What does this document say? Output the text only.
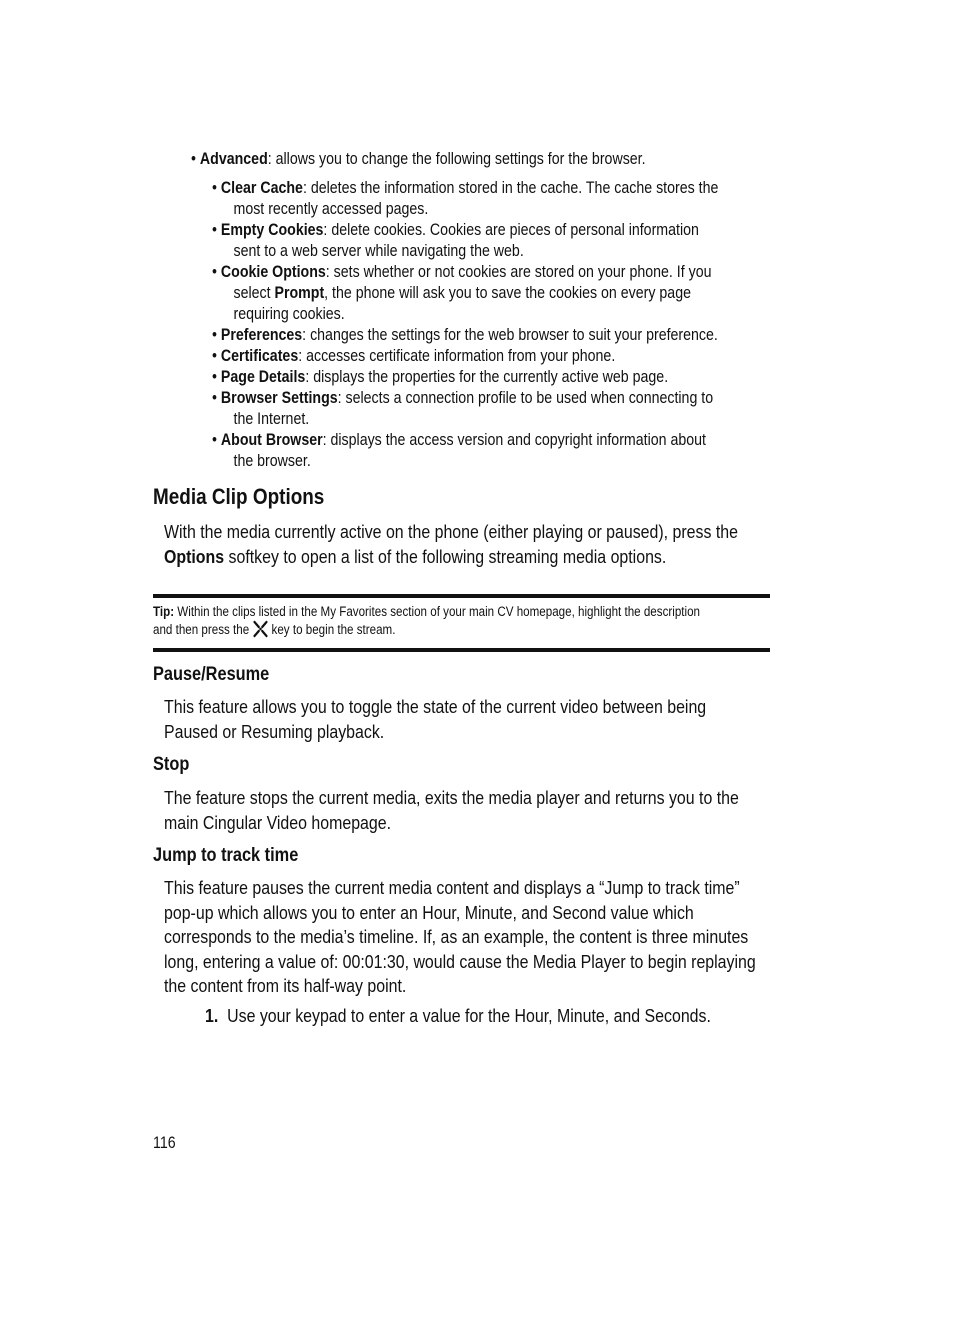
• Advanced: allows you to change the following settings for the browser.
• Clear Cache: deletes the information stored in the cache. The cache stores the
most recently accessed pages.
• Empty Cookies: delete cookies. Cookies are pieces of personal information
sent to a web server while navigating the web.
• Cookie Options: sets whether or not cookies are stored on your phone. If you
select Prompt, the phone will ask you to save the cookies on every page
requiring cookies.
• Preferences: changes the settings for the web browser to suit your preference.
• Certificates: accesses certificate information from your phone.
• Page Details: displays the properties for the currently active web page.
• Browser Settings: selects a connection profile to be used when connecting to
the Internet.
• About Browser: displays the access version and copyright information about
the browser.
Media Clip Options
With the media currently active on the phone (either playing or paused), press the
Options softkey to open a list of the following streaming media options.
Tip: Within the clips listed in the My Favorites section of your main CV homepage, highlight the description
and then press the key to begin the stream.
Pause/Resume
This feature allows you to toggle the state of the current video between being
Paused or Resuming playback.
Stop
The feature stops the current media, exits the media player and returns you to the
main Cingular Video homepage.
Jump to track time
This feature pauses the current media content and displays a “Jump to track time”
pop-up which allows you to enter an Hour, Minute, and Second value which
corresponds to the media’s timeline. If, as an example, the content is three minutes
long, entering a value of: 00:01:30, would cause the Media Player to begin replaying
the content from its half-way point.
1. Use your keypad to enter a value for the Hour, Minute, and Seconds.
116
